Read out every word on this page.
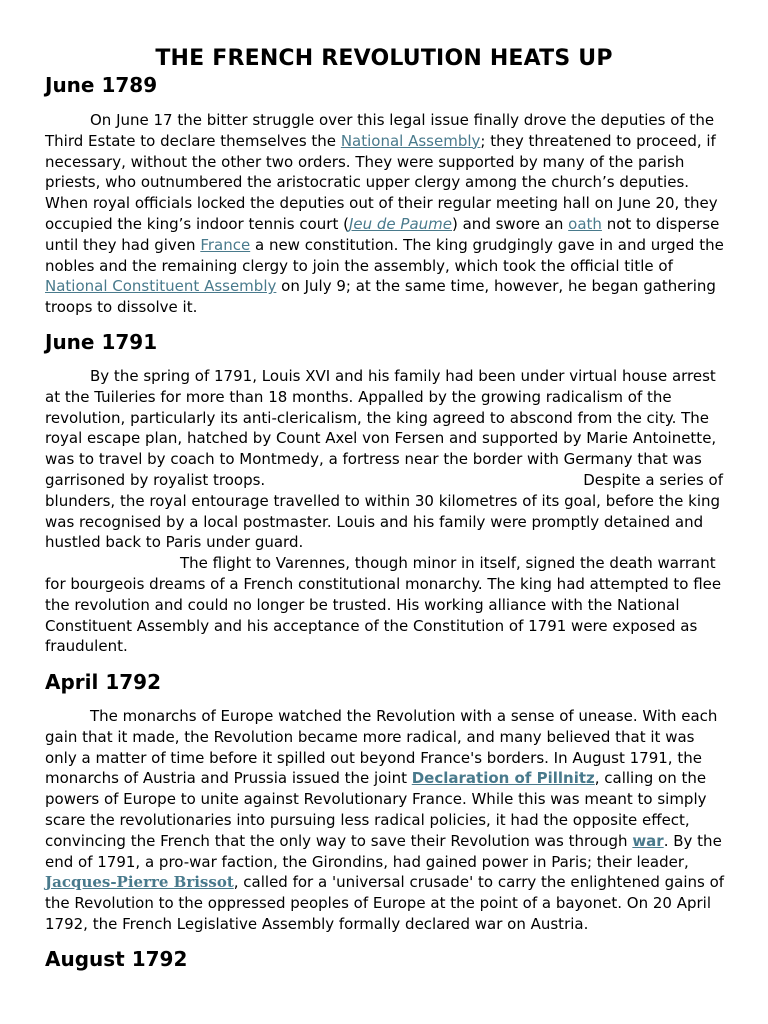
THE FRENCH REVOLUTION HEATS UP
June 1789

On June 17 the bitter struggle over this legal issue finally drove the deputies of the Third Estate to declare themselves the National Assembly; they threatened to proceed, if necessary, without the other two orders. They were supported by many of the parish priests, who outnumbered the aristocratic upper clergy among the church’s deputies. When royal officials locked the deputies out of their regular meeting hall on June 20, they occupied the king’s indoor tennis court (Jeu de Paume) and swore an oath not to disperse until they had given France a new constitution. The king grudgingly gave in and urged the nobles and the remaining clergy to join the assembly, which took the official title of National Constituent Assembly on July 9; at the same time, however, he began gathering troops to dissolve it.

June 1791

By the spring of 1791, Louis XVI and his family had been under virtual house arrest at the Tuileries for more than 18 months. Appalled by the growing radicalism of the revolution, particularly its anti-clericalism, the king agreed to abscond from the city. The royal escape plan, hatched by Count Axel von Fersen and supported by Marie Antoinette, was to travel by coach to Montmedy, a fortress near the border with Germany that was garrisoned by royalist troops.	Despite a series of blunders, the royal entourage travelled to within 30 kilometres of its goal, before the king was recognised by a local postmaster. Louis and his family were promptly detained and hustled back to Paris under guard.

The flight to Varennes, though minor in itself, signed the death warrant for bourgeois dreams of a French constitutional monarchy. The king had attempted to flee the revolution and could no longer be trusted. His working alliance with the National Constituent Assembly and his acceptance of the Constitution of 1791 were exposed as fraudulent.

April 1792

The monarchs of Europe watched the Revolution with a sense of unease. With each gain that it made, the Revolution became more radical, and many believed that it was only a matter of time before it spilled out beyond France's borders. In August 1791, the monarchs of Austria and Prussia issued the joint Declaration of Pillnitz, calling on the powers of Europe to unite against Revolutionary France. While this was meant to simply scare the revolutionaries into pursuing less radical policies, it had the opposite effect, convincing the French that the only way to save their Revolution was through war. By the end of 1791, a pro-war faction, the Girondins, had gained power in Paris; their leader, Jacques-Pierre Brissot, called for a 'universal crusade' to carry the enlightened gains of the Revolution to the oppressed peoples of Europe at the point of a bayonet. On 20 April 1792, the French Legislative Assembly formally declared war on Austria.

August 1792
